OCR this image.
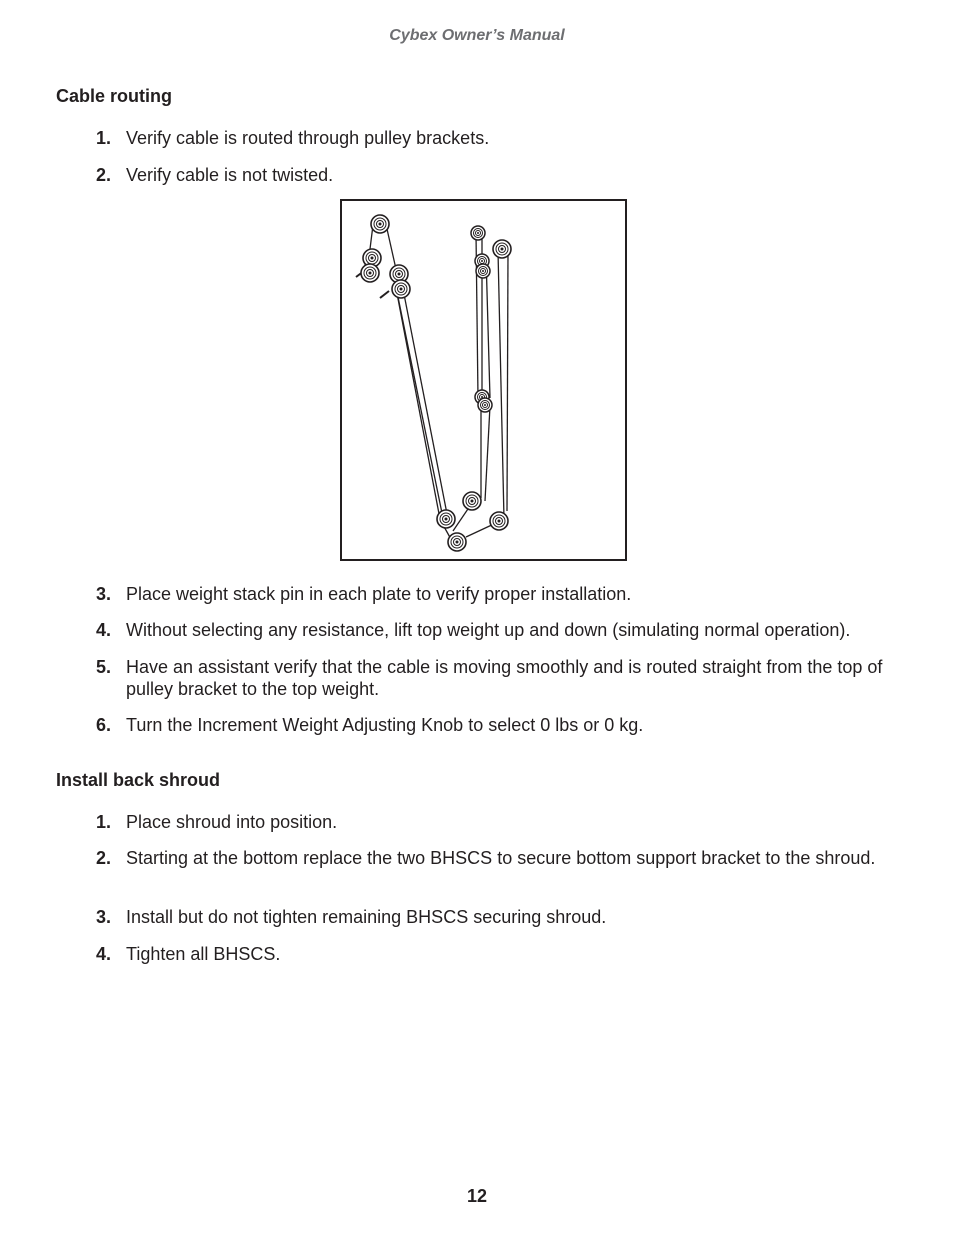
Cybex Owner’s Manual
Cable routing
1. Verify cable is routed through pulley brackets.
2. Verify cable is not twisted.
3. Place weight stack pin in each plate to verify proper installation.
4. Without selecting any resistance, lift top weight up and down (simulating normal operation).
5. Have an assistant verify that the cable is moving smoothly and is routed straight from the top of pulley bracket to the top weight.
6. Turn the Increment Weight Adjusting Knob to select 0 lbs or 0 kg.
Install back shroud
1. Place shroud into position.
2. Starting at the bottom replace the two BHSCS to secure bottom support bracket to the shroud.
3. Install but do not tighten remaining BHSCS securing shroud.
4. Tighten all BHSCS.
12
